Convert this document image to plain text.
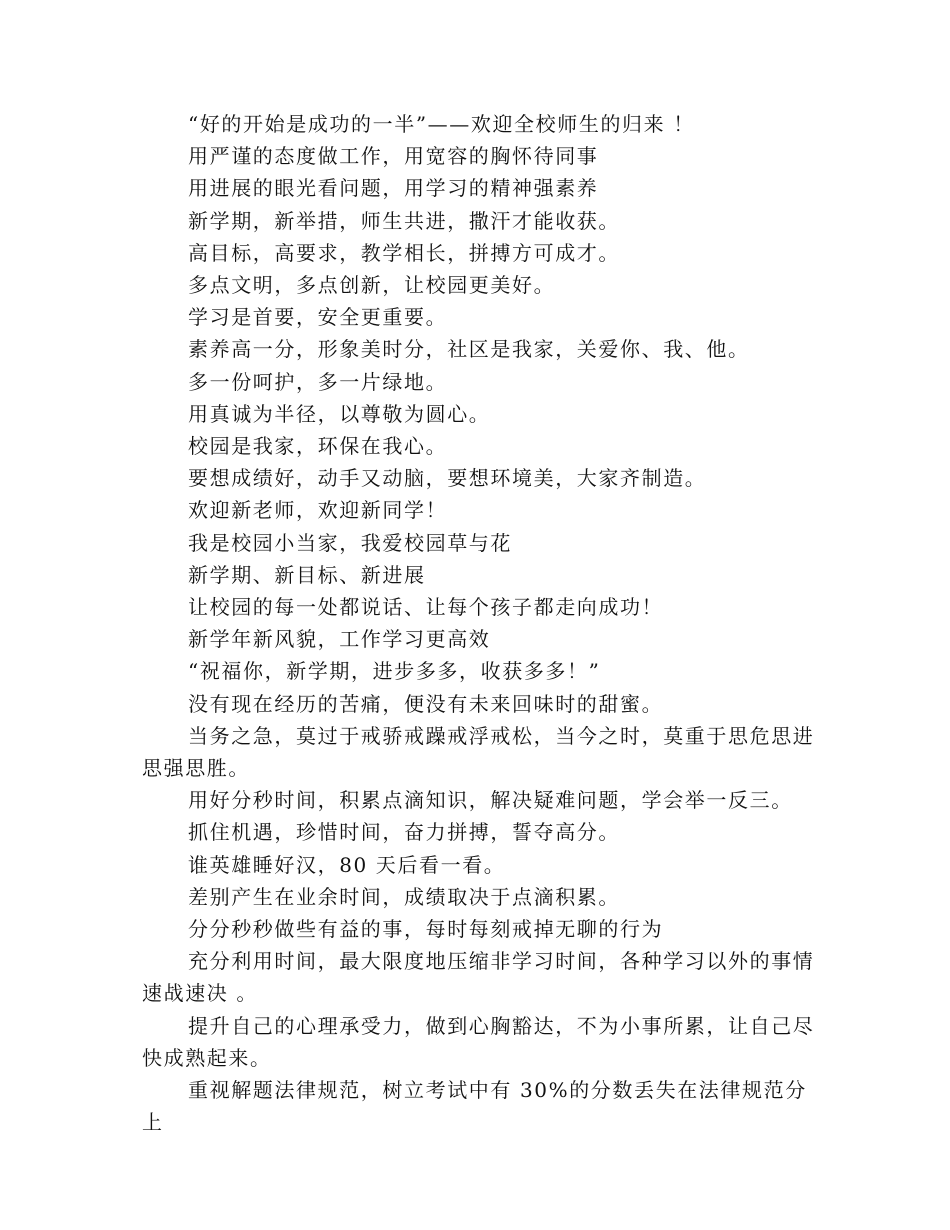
“好的开始是成功的一半”——欢迎全校师生的归来 ！

用严谨的态度做工作，用宽容的胸怀待同事

用进展的眼光看问题，用学习的精神强素养

新学期，新举措，师生共进，撒汗才能收获。

高目标，高要求，教学相长，拼搏方可成才。

多点文明，多点创新，让校园更美好。

学习是首要，安全更重要。

素养高一分，形象美时分，社区是我家，关爱你、我、他。

多一份呵护，多一片绿地。

用真诚为半径，以尊敬为圆心。

校园是我家，环保在我心。

要想成绩好，动手又动脑，要想环境美，大家齐制造。

欢迎新老师，欢迎新同学！

我是校园小当家，我爱校园草与花

新学期、新目标、新进展

让校园的每一处都说话、让每个孩子都走向成功！

新学年新风貌，工作学习更高效

“祝福你，新学期，进步多多，收获多多！”

没有现在经历的苦痛，便没有未来回味时的甜蜜。

当务之急，莫过于戒骄戒躁戒浮戒松，当今之时，莫重于思危思进思强思胜。

用好分秒时间，积累点滴知识，解决疑难问题，学会举一反三。

抓住机遇，珍惜时间，奋力拼搏，誓夺高分。

谁英雄睡好汉，80 天后看一看。

差别产生在业余时间，成绩取决于点滴积累。

分分秒秒做些有益的事，每时每刻戒掉无聊的行为

充分利用时间，最大限度地压缩非学习时间，各种学习以外的事情速战速决 。

提升自己的心理承受力，做到心胸豁达，不为小事所累，让自己尽快成熟起来。

重视解题法律规范，树立考试中有 30%的分数丢失在法律规范分上
